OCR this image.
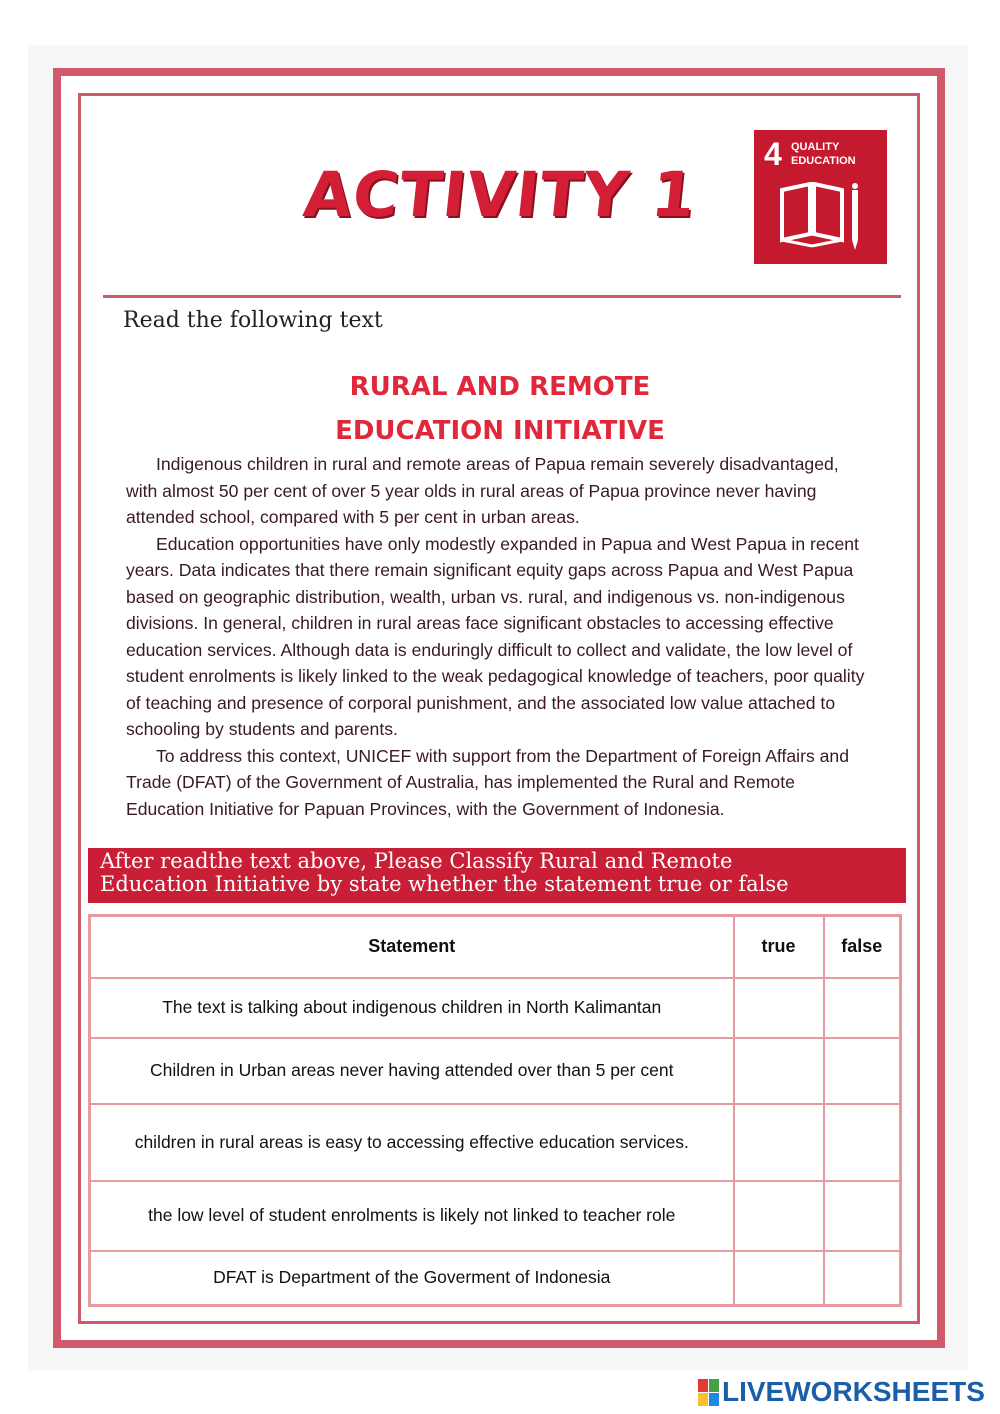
ACTIVITY 1
4 QUALITY
EDUCATION
Read the following text
RURAL AND REMOTE
EDUCATION INITIATIVE

Indigenous children in rural and remote areas of Papua remain severely disadvantaged, with almost 50 per cent of over 5 year olds in rural areas of Papua province never having attended school, compared with 5 per cent in urban areas.

Education opportunities have only modestly expanded in Papua and West Papua in recent years. Data indicates that there remain significant equity gaps across Papua and West Papua based on geographic distribution, wealth, urban vs. rural, and indigenous vs. non-indigenous divisions. In general, children in rural areas face significant obstacles to accessing effective education services. Although data is enduringly difficult to collect and validate, the low level of student enrolments is likely linked to the weak pedagogical knowledge of teachers, poor quality of teaching and presence of corporal punishment, and the associated low value attached to schooling by students and parents.

To address this context, UNICEF with support from the Department of Foreign Affairs and Trade (DFAT) of the Government of Australia, has implemented the Rural and Remote Education Initiative for Papuan Provinces, with the Government of Indonesia.

After readthe text above, Please Classify Rural and Remote
Education Initiative by state whether the statement true or false
Statement	true	false
The text is talking about indigenous children in North Kalimantan		
Children in Urban areas never having attended over than 5 per cent		
children in rural areas is easy to accessing effective education services.		
the low level of student enrolments is likely not linked to teacher role		
DFAT is Department of the Goverment of Indonesia		
LIVEWORKSHEETS
